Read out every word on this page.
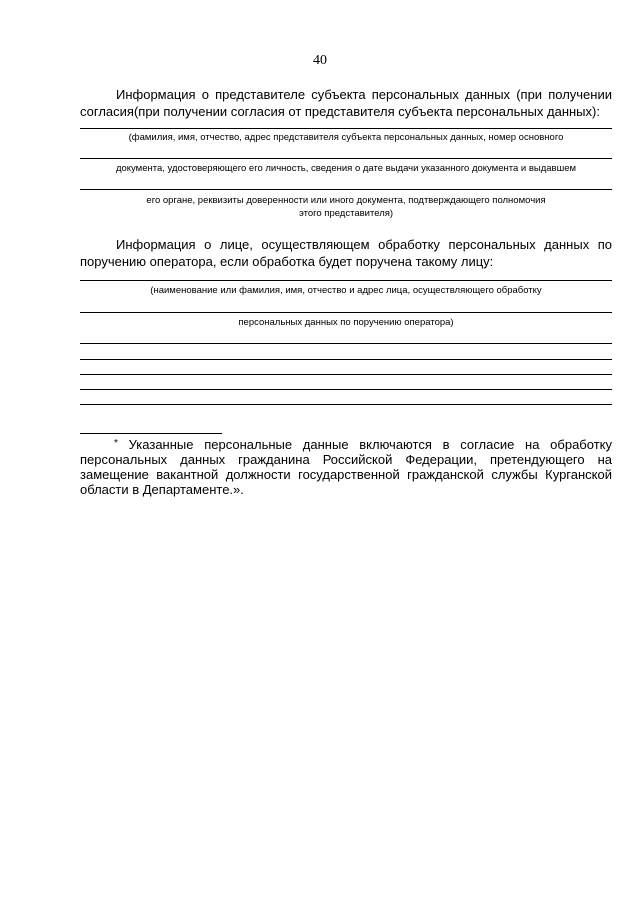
40

Информация о представителе субъекта персональных данных (при получении согласия(при получении согласия от представителя субъекта персональных данных):

(фамилия, имя, отчество, адрес представителя субъекта персональных данных, номер основного

документа, удостоверяющего его личность, сведения о дате выдачи указанного документа и выдавшем

его органе, реквизиты доверенности или иного документа, подтверждающего полномочия этого представителя)

Информация о лице, осуществляющем обработку персональных данных по поручению оператора, если обработка будет поручена такому лицу:

(наименование или фамилия, имя, отчество и адрес лица, осуществляющего обработку

персональных данных по поручению оператора)

* Указанные персональные данные включаются в согласие на обработку персональных данных гражданина Российской Федерации, претендующего на замещение вакантной должности государственной гражданской службы Курганской области в Департаменте.».
